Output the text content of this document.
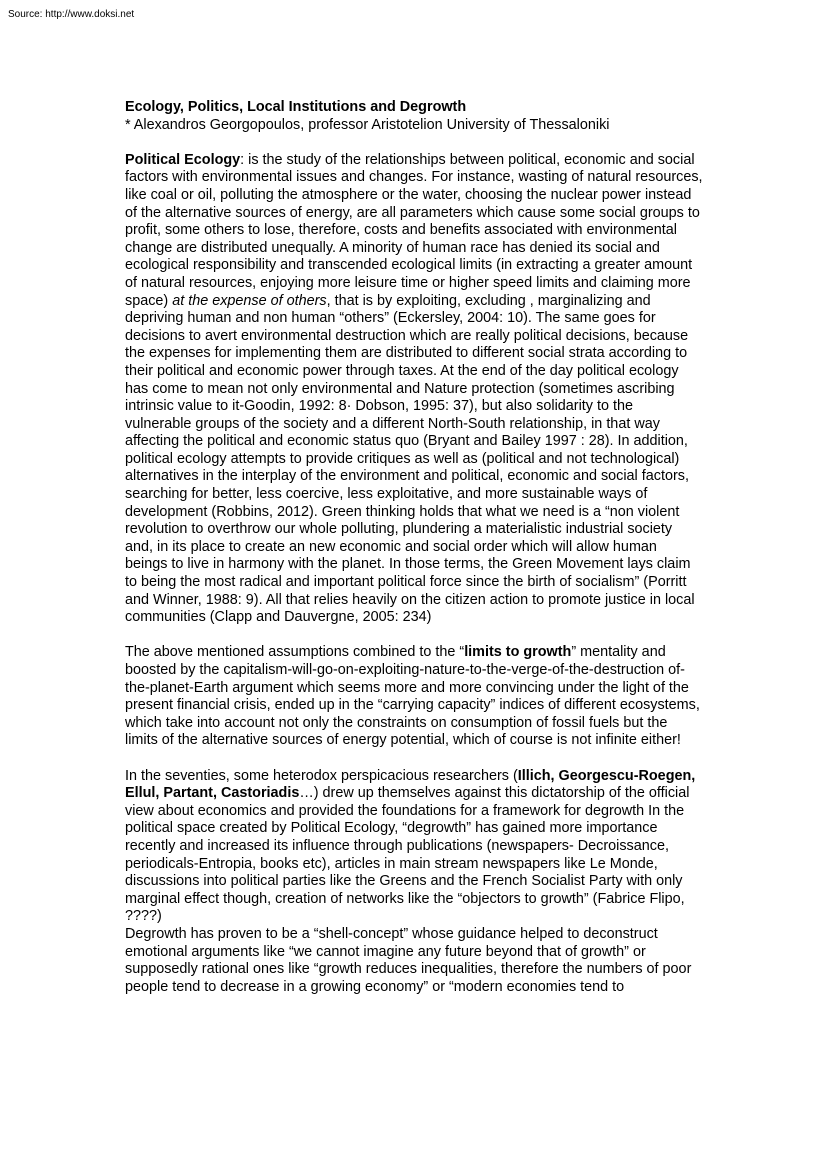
Source: http://www.doksi.net

Ecology, Politics, Local Institutions and Degrowth

* Alexandros Georgopoulos, professor Aristotelion University of Thessaloniki

Political Ecology: is the study of the relationships between political, economic and social factors with environmental issues and changes. For instance, wasting of natural resources, like coal or oil, polluting the atmosphere or the water, choosing the nuclear power instead of the alternative sources of energy, are all parameters which cause some social groups to profit, some others to lose, therefore, costs and benefits associated with environmental change are distributed unequally. A minority of human race has denied its social and ecological responsibility and transcended ecological limits (in extracting a greater amount of natural resources, enjoying more leisure time or higher speed limits and claiming more space) at the expense of others, that is by exploiting, excluding , marginalizing and depriving human and non human “others” (Eckersley, 2004: 10). The same goes for decisions to avert environmental destruction which are really political decisions, because the expenses for implementing them are distributed to different social strata according to their political and economic power through taxes. At the end of the day political ecology has come to mean not only environmental and Nature protection (sometimes ascribing intrinsic value to it-Goodin, 1992: 8· Dobson, 1995: 37), but also solidarity to the vulnerable groups of the society and a different North-South relationship, in that way affecting the political and economic status quo (Bryant and Bailey 1997 : 28). In addition, political ecology attempts to provide critiques as well as (political and not technological) alternatives in the interplay of the environment and political, economic and social factors, searching for better, less coercive, less exploitative, and more sustainable ways of development (Robbins, 2012). Green thinking holds that what we need is a “non violent revolution to overthrow our whole polluting, plundering a materialistic industrial society and, in its place to create an new economic and social order which will allow human beings to live in harmony with the planet. In those terms, the Green Movement lays claim to being the most radical and important political force since the birth of socialism” (Porritt and Winner, 1988: 9). All that relies heavily on the citizen action to promote justice in local communities (Clapp and Dauvergne, 2005: 234)

The above mentioned assumptions combined to the “limits to growth” mentality and boosted by the capitalism-will-go-on-exploiting-nature-to-the-verge-of-the-destruction of-the-planet-Earth argument which seems more and more convincing under the light of the present financial crisis, ended up in the “carrying capacity” indices of different ecosystems, which take into account not only the constraints on consumption of fossil fuels but the limits of the alternative sources of energy potential, which of course is not infinite either!

In the seventies, some heterodox perspicacious researchers (Illich, Georgescu-Roegen, Ellul, Partant, Castoriadis…) drew up themselves against this dictatorship of the official view about economics and provided the foundations for a framework for degrowth In the political space created by Political Ecology, “degrowth” has gained more importance recently and increased its influence through publications (newspapers- Decroissance, periodicals-Entropia, books etc), articles in main stream newspapers like Le Monde, discussions into political parties like the Greens and the French Socialist Party with only marginal effect though, creation of networks like the “objectors to growth” (Fabrice Flipo, ????)

Degrowth has proven to be a “shell-concept” whose guidance helped to deconstruct emotional arguments like “we cannot imagine any future beyond that of growth” or supposedly rational ones like “growth reduces inequalities, therefore the numbers of poor people tend to decrease in a growing economy” or “modern economies tend to
